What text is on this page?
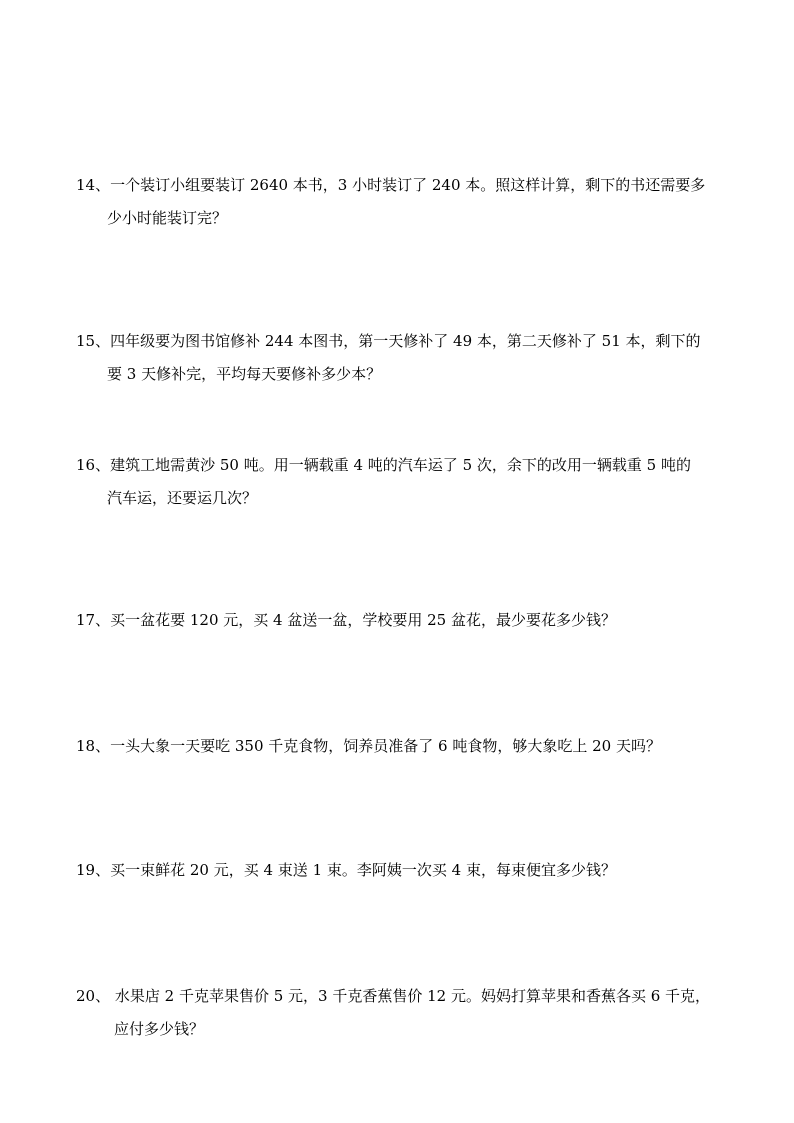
14、一个装订小组要装订 2640 本书，3 小时装订了 240 本。照这样计算，剩下的书还需要多
少小时能装订完？
15、四年级要为图书馆修补 244 本图书，第一天修补了 49 本，第二天修补了 51 本，剩下的
要 3 天修补完，平均每天要修补多少本？
16、建筑工地需黄沙 50 吨。用一辆载重 4 吨的汽车运了 5 次，余下的改用一辆载重 5 吨的
汽车运，还要运几次？
17、买一盆花要 120 元，买 4 盆送一盆，学校要用 25 盆花，最少要花多少钱？
18、一头大象一天要吃 350 千克食物，饲养员准备了 6 吨食物，够大象吃上 20 天吗？
19、买一束鲜花 20 元，买 4 束送 1 束。李阿姨一次买 4 束，每束便宜多少钱？
20、 水果店 2 千克苹果售价 5 元，3 千克香蕉售价 12 元。妈妈打算苹果和香蕉各买 6 千克，
应付多少钱？
